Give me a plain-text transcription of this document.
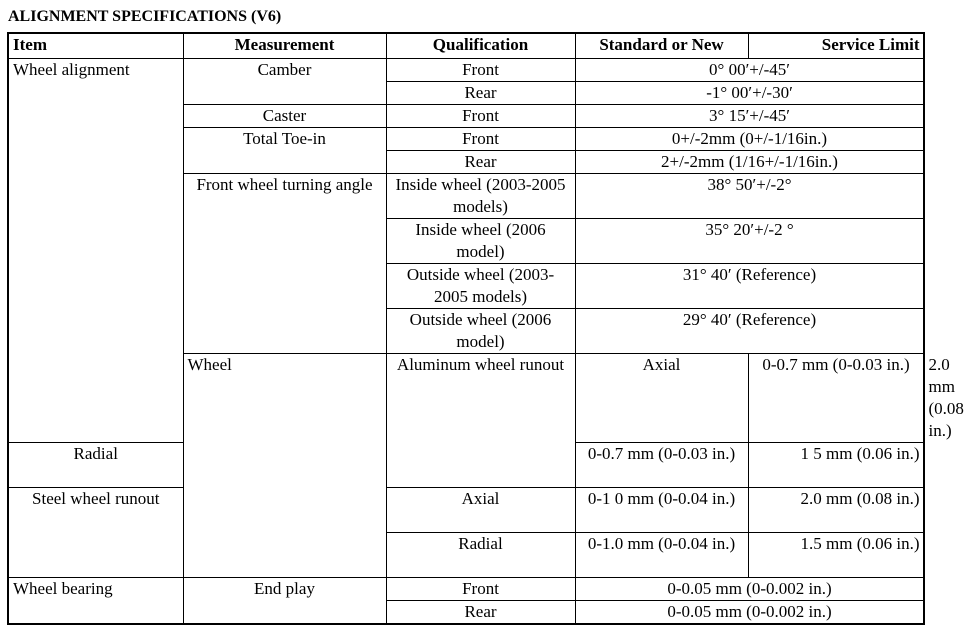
ALIGNMENT SPECIFICATIONS (V6)
Item	Measurement	Qualification	Standard or New	Service Limit	
Wheel alignment	Camber	Front	0° 00′+/-45′		
		Rear	-1° 00′+/-30′		
	Caster	Front	3° 15′+/-45′		
	Total Toe-in	Front	0+/-2mm (0+/-1/16in.)		
		Rear	2+/-2mm (1/16+/-1/16in.)		
	Front wheel turning angle	Inside wheel (2003-2005 models)	38° 50′+/-2°		
		Inside wheel (2006 model)	35° 20′+/-2 °		
		Outside wheel (2003-2005 models)	31° 40′ (Reference)		
		Outside wheel (2006 model)	29° 40′ (Reference)		
	Wheel	Aluminum wheel runout	Axial	0-0.7 mm (0-0.03 in.)	2.0 mm (0.08 in.)
Radial			0-0.7 mm (0-0.03 in.)	1 5 mm (0.06 in.)	
Steel wheel runout		Axial	0-1 0 mm (0-0.04 in.)	2.0 mm (0.08 in.)	
		Radial	0-1.0 mm (0-0.04 in.)	1.5 mm (0.06 in.)	
Wheel bearing	End play	Front	0-0.05 mm (0-0.002 in.)		
		Rear	0-0.05 mm (0-0.002 in.)		
